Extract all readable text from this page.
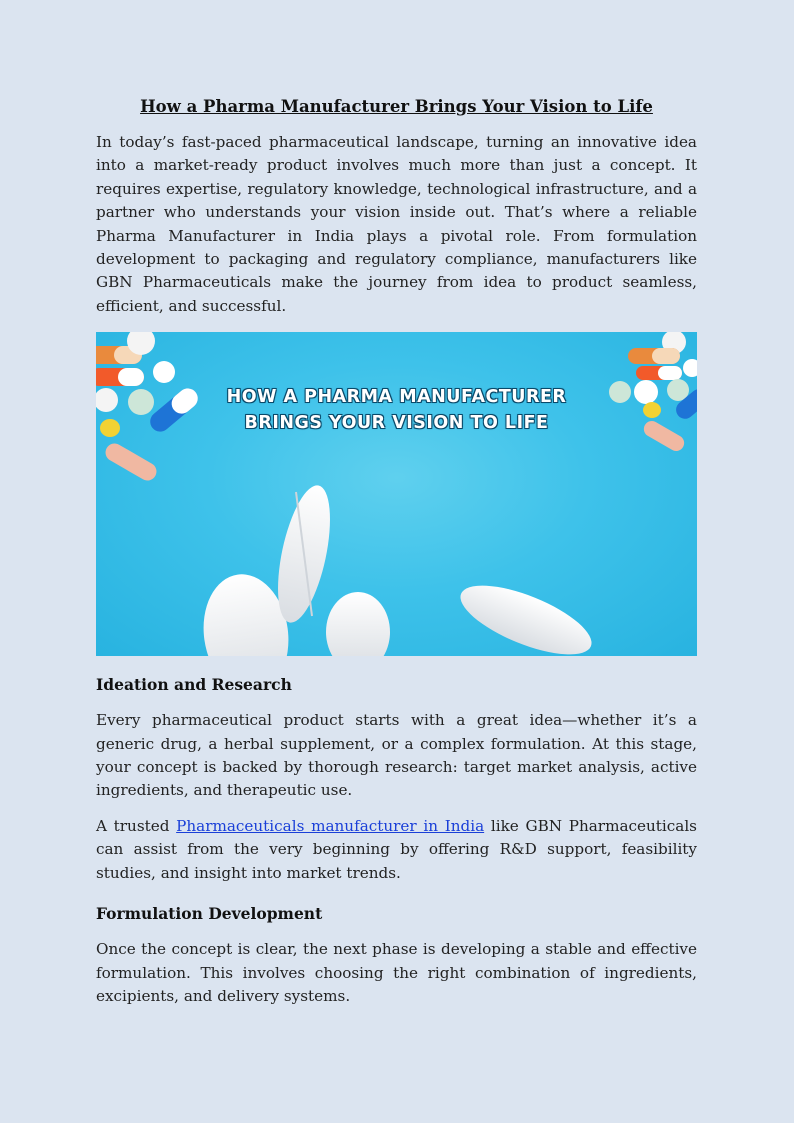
How a Pharma Manufacturer Brings Your Vision to Life

In today’s fast-paced pharmaceutical landscape, turning an innovative idea into a market-ready product involves much more than just a concept. It requires expertise, regulatory knowledge, technological infrastructure, and a partner who understands your vision inside out. That’s where a reliable Pharma Manufacturer in India plays a pivotal role. From formulation development to packaging and regulatory compliance, manufacturers like GBN Pharmaceuticals make the journey from idea to product seamless, efficient, and successful.

HOW A PHARMA MANUFACTURER
BRINGS YOUR VISION TO LIFE
Ideation and Research

Every pharmaceutical product starts with a great idea—whether it’s a generic drug, a herbal supplement, or a complex formulation. At this stage, your concept is backed by thorough research: target market analysis, active ingredients, and therapeutic use.

A trusted Pharmaceuticals manufacturer in India like GBN Pharmaceuticals can assist from the very beginning by offering R&D support, feasibility studies, and insight into market trends.

Formulation Development

Once the concept is clear, the next phase is developing a stable and effective formulation. This involves choosing the right combination of ingredients, excipients, and delivery systems.
